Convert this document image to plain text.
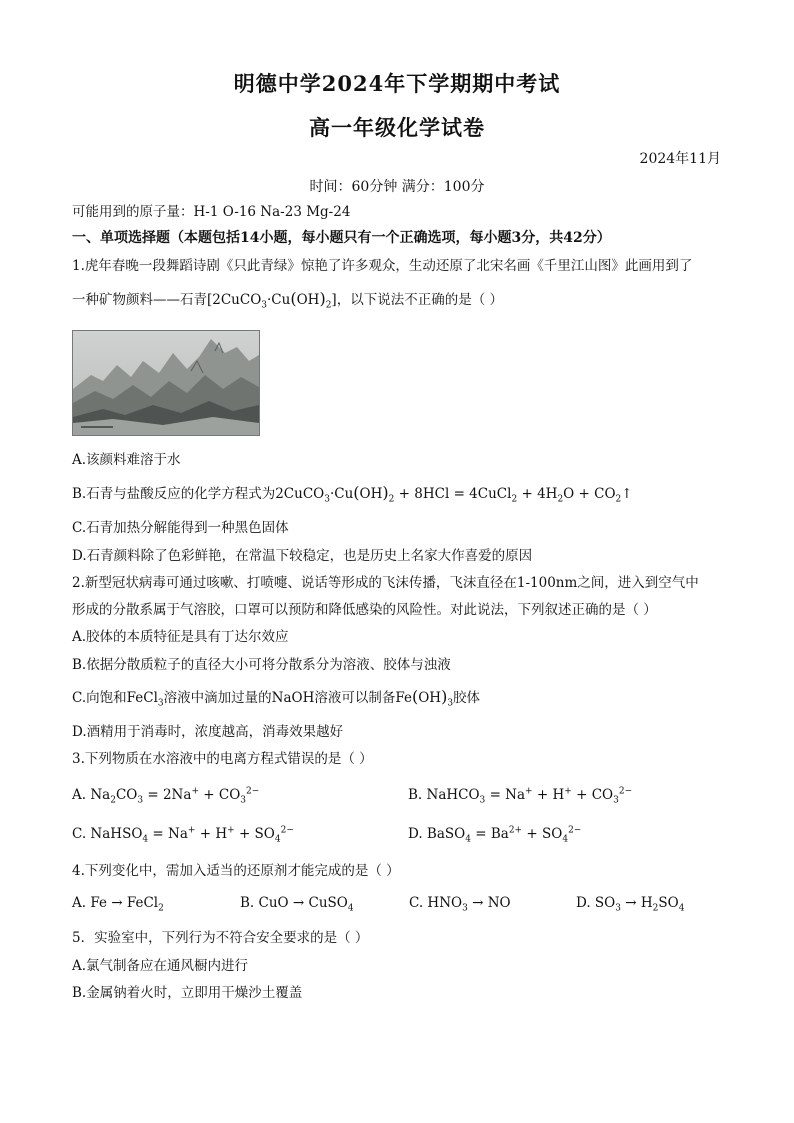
明德中学2024年下学期期中考试
高一年级化学试卷
2024年11月
时间：60分钟 满分：100分
可能用到的原子量：H-1 O-16 Na-23 Mg-24
一、单项选择题（本题包括14小题，每小题只有一个正确选项，每小题3分，共42分）
1.虎年春晚一段舞蹈诗剧《只此青绿》惊艳了许多观众，生动还原了北宋名画《千里江山图》此画用到了
一种矿物颜料——石青$[2CuCO_3\cdot Cu(OH)_2]$，以下说法不正确的是（ ）
A.该颜料难溶于水
B.石青与盐酸反应的化学方程式为$2CuCO_3\cdot Cu(OH)_2 + 8HCl$ = 4CuCl$_2$ + $4H_2O$ + $CO_2↑$
C.石青加热分解能得到一种黑色固体
D.石青颜料除了色彩鲜艳，在常温下较稳定，也是历史上名家大作喜爱的原因
2.新型冠状病毒可通过咳嗽、打喷嚏、说话等形成的飞沫传播，飞沫直径在1-100nm之间，进入到空气中
形成的分散系属于气溶胶，口罩可以预防和降低感染的风险性。对此说法，下列叙述正确的是（ ）
A.胶体的本质特征是具有丁达尔效应
B.依据分散质粒子的直径大小可将分散系分为溶液、胶体与浊液
C.向饱和FeCl$_3$溶液中滴加过量的NaOH溶液可以制备$Fe(OH)_3$胶体
D.酒精用于消毒时，浓度越高，消毒效果越好
3.下列物质在水溶液中的电离方程式错误的是（ ）
A. $Na_2CO_3 = 2Na^+ + CO_3^{2-}$	B. NaHCO$_3$ = $Na^+ + H^+ + CO_3^{2-}$
C. NaHSO$_4$ = $Na^+ + H^+ + SO_4^{2-}$	D. BaSO$_4$ = $Ba^{2+} + SO_4^{2-}$
4.下列变化中，需加入适当的还原剂才能完成的是（ ）
A. Fe → FeCl$_2$	B. CuO → CuSO$_4$	C. $HNO_3$ → NO	D. $SO_3 \to H_2SO_4$
5．实验室中，下列行为不符合安全要求的是（ ）
A.氯气制备应在通风橱内进行
B.金属钠着火时，立即用干燥沙土覆盖
